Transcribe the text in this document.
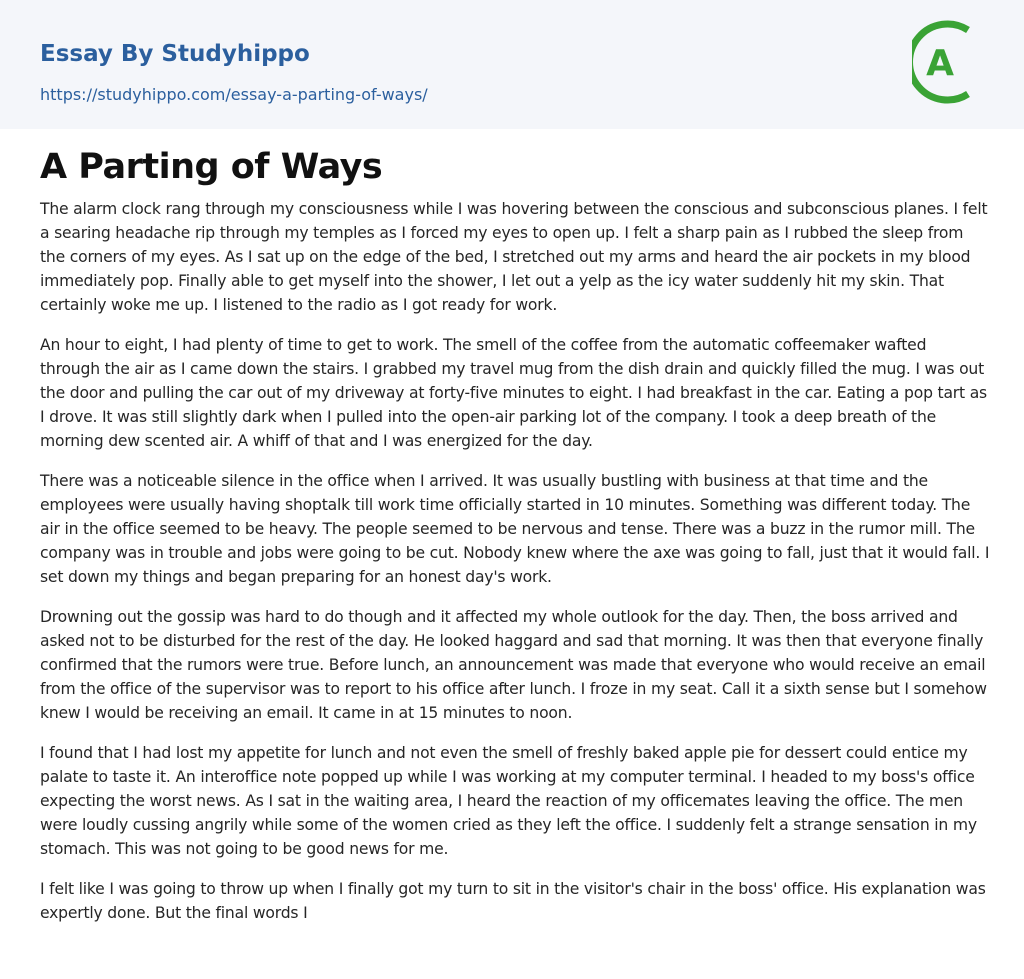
Essay By Studyhippo
https://studyhippo.com/essay-a-parting-of-ways/
A
A Parting of Ways

The alarm clock rang through my consciousness while I was hovering between the conscious and subconscious planes. I felt a searing headache rip through my temples as I forced my eyes to open up. I felt a sharp pain as I rubbed the sleep from the corners of my eyes. As I sat up on the edge of the bed, I stretched out my arms and heard the air pockets in my blood immediately pop. Finally able to get myself into the shower, I let out a yelp as the icy water suddenly hit my skin. That certainly woke me up. I listened to the radio as I got ready for work.

An hour to eight, I had plenty of time to get to work. The smell of the coffee from the automatic coffeemaker wafted through the air as I came down the stairs. I grabbed my travel mug from the dish drain and quickly filled the mug. I was out the door and pulling the car out of my driveway at forty-five minutes to eight. I had breakfast in the car. Eating a pop tart as I drove. It was still slightly dark when I pulled into the open-air parking lot of the company. I took a deep breath of the morning dew scented air. A whiff of that and I was energized for the day.

There was a noticeable silence in the office when I arrived. It was usually bustling with business at that time and the employees were usually having shoptalk till work time officially started in 10 minutes. Something was different today. The air in the office seemed to be heavy. The people seemed to be nervous and tense. There was a buzz in the rumor mill. The company was in trouble and jobs were going to be cut. Nobody knew where the axe was going to fall, just that it would fall. I set down my things and began preparing for an honest day's work.

Drowning out the gossip was hard to do though and it affected my whole outlook for the day. Then, the boss arrived and asked not to be disturbed for the rest of the day. He looked haggard and sad that morning. It was then that everyone finally confirmed that the rumors were true. Before lunch, an announcement was made that everyone who would receive an email from the office of the supervisor was to report to his office after lunch. I froze in my seat. Call it a sixth sense but I somehow knew I would be receiving an email. It came in at 15 minutes to noon.

I found that I had lost my appetite for lunch and not even the smell of freshly baked apple pie for dessert could entice my palate to taste it. An interoffice note popped up while I was working at my computer terminal. I headed to my boss's office expecting the worst news. As I sat in the waiting area, I heard the reaction of my officemates leaving the office. The men were loudly cussing angrily while some of the women cried as they left the office. I suddenly felt a strange sensation in my stomach. This was not going to be good news for me.

I felt like I was going to throw up when I finally got my turn to sit in the visitor's chair in the boss' office. His explanation was expertly done. But the final words I
